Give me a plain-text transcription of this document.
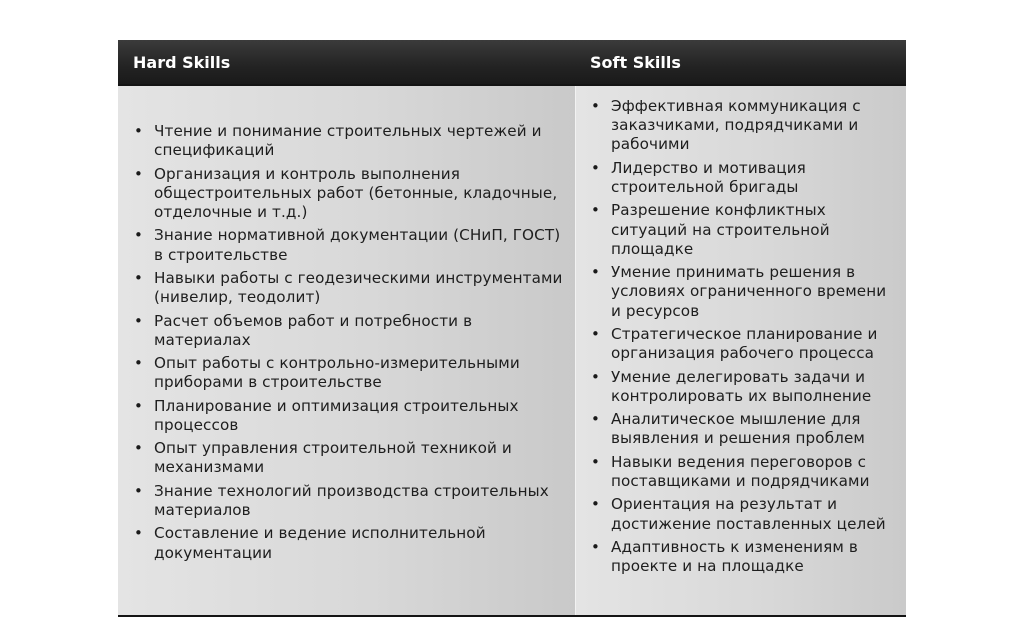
Hard Skills	Soft Skills
• Чтение и понимание строительных чертежей и спецификаций
• Организация и контроль выполнения общестроительных работ (бетонные, кладочные, отделочные и т.д.)
• Знание нормативной документации (СНиП, ГОСТ) в строительстве
• Навыки работы с геодезическими инструментами (нивелир, теодолит)
• Расчет объемов работ и потребности в материалах
• Опыт работы с контрольно-измерительными приборами в строительстве
• Планирование и оптимизация строительных процессов
• Опыт управления строительной техникой и механизмами
• Знание технологий производства строительных материалов
• Составление и ведение исполнительной документации
• Эффективная коммуникация с заказчиками, подрядчиками и рабочими
• Лидерство и мотивация строительной бригады
• Разрешение конфликтных ситуаций на строительной площадке
• Умение принимать решения в условиях ограниченного времени и ресурсов
• Стратегическое планирование и организация рабочего процесса
• Умение делегировать задачи и контролировать их выполнение
• Аналитическое мышление для выявления и решения проблем
• Навыки ведения переговоров с поставщиками и подрядчиками
• Ориентация на результат и достижение поставленных целей
• Адаптивность к изменениям в проекте и на площадке
